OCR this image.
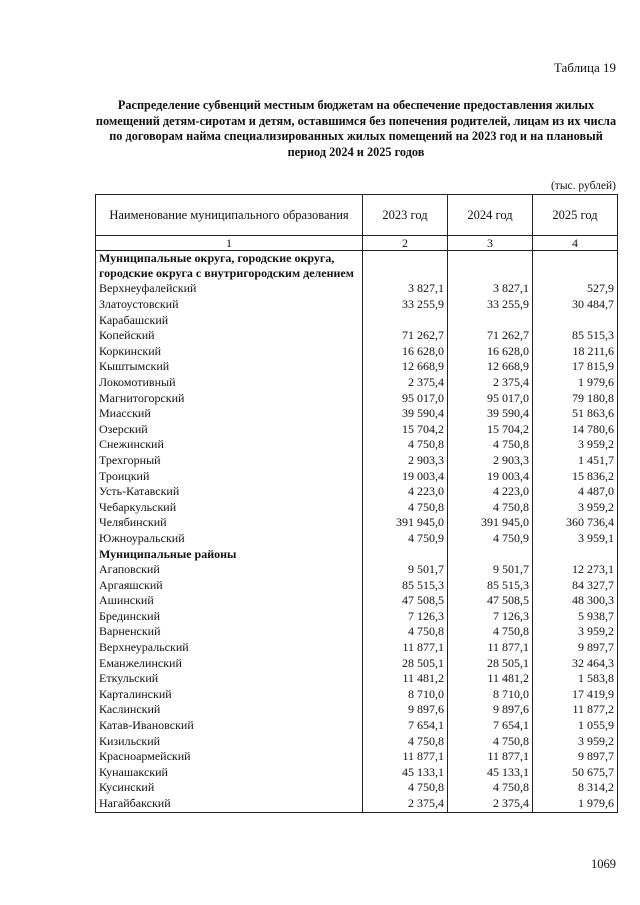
Таблица 19
Распределение субвенций местным бюджетам на обеспечение предоставления жилых помещений детям-сиротам и детям, оставшимся без попечения родителей, лицам из их числа по договорам найма специализированных жилых помещений на 2023 год и на плановый период 2024 и 2025 годов
(тыс. рублей)
Наименование муниципального образования	2023 год	2024 год	2025 год
1	2	3	4
Муниципальные округа, городские округа, городские округа с внутригородским делением			
Верхнеуфалейский	3 827,1	3 827,1	527,9
Златоустовский	33 255,9	33 255,9	30 484,7
Карабашский			
Копейский	71 262,7	71 262,7	85 515,3
Коркинский	16 628,0	16 628,0	18 211,6
Кыштымский	12 668,9	12 668,9	17 815,9
Локомотивный	2 375,4	2 375,4	1 979,6
Магнитогорский	95 017,0	95 017,0	79 180,8
Миасский	39 590,4	39 590,4	51 863,6
Озерский	15 704,2	15 704,2	14 780,6
Снежинский	4 750,8	4 750,8	3 959,2
Трехгорный	2 903,3	2 903,3	1 451,7
Троицкий	19 003,4	19 003,4	15 836,2
Усть-Катавский	4 223,0	4 223,0	4 487,0
Чебаркульский	4 750,8	4 750,8	3 959,2
Челябинский	391 945,0	391 945,0	360 736,4
Южноуральский	4 750,9	4 750,9	3 959,1
Муниципальные районы			
Агаповский	9 501,7	9 501,7	12 273,1
Аргаяшский	85 515,3	85 515,3	84 327,7
Ашинский	47 508,5	47 508,5	48 300,3
Брединский	7 126,3	7 126,3	5 938,7
Варненский	4 750,8	4 750,8	3 959,2
Верхнеуральский	11 877,1	11 877,1	9 897,7
Еманжелинский	28 505,1	28 505,1	32 464,3
Еткульский	11 481,2	11 481,2	1 583,8
Карталинский	8 710,0	8 710,0	17 419,9
Каслинский	9 897,6	9 897,6	11 877,2
Катав-Ивановский	7 654,1	7 654,1	1 055,9
Кизильский	4 750,8	4 750,8	3 959,2
Красноармейский	11 877,1	11 877,1	9 897,7
Кунашакский	45 133,1	45 133,1	50 675,7
Кусинский	4 750,8	4 750,8	8 314,2
Нагайбакский	2 375,4	2 375,4	1 979,6
1069
